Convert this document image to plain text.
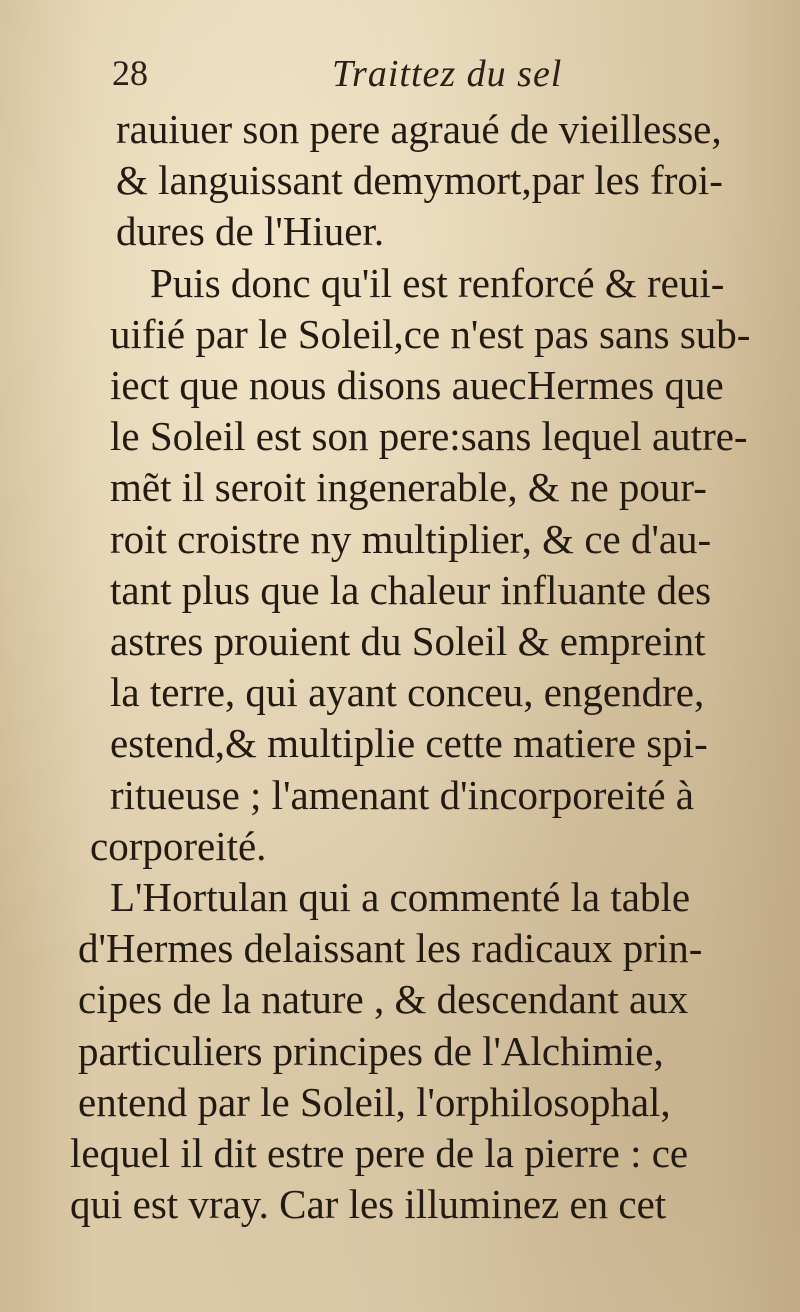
28	Traittez du sel
rauiuer son pere agraué de vieillesse,
& languissant demymort,par les froi-
dures de l'Hiuer.
Puis donc qu'il est renforcé & reui-
uifié par le Soleil,ce n'est pas sans sub-
iect que nous disons auecHermes que
le Soleil est son pere:sans lequel autre-
mẽt il seroit ingenerable, & ne pour-
roit croistre ny multiplier, & ce d'au-
tant plus que la chaleur influante des
astres prouient du Soleil & empreint
la terre, qui ayant conceu, engendre,
estend,& multiplie cette matiere spi-
ritueuse ; l'amenant d'incorporeité à
corporeité.
L'Hortulan qui a commenté la table
d'Hermes delaissant les radicaux prin-
cipes de la nature , & descendant aux
particuliers principes de l'Alchimie,
entend par le Soleil, l'orphilosophal,
lequel il dit estre pere de la pierre : ce
qui est vray. Car les illuminez en cet
